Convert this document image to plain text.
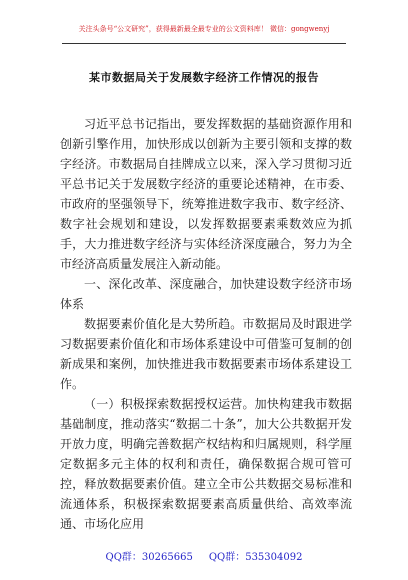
关注头条号“公文研究”，获得最新最全最专业的公文资料库！ 微信：gongwenyj
某市数据局关于发展数字经济工作情况的报告

习近平总书记指出，要发挥数据的基础资源作用和创新引擎作用，加快形成以创新为主要引领和支撑的数字经济。市数据局自挂牌成立以来，深入学习贯彻习近平总书记关于发展数字经济的重要论述精神，在市委、市政府的坚强领导下，统筹推进数字我市、数字经济、数字社会规划和建设，以发挥数据要素乘数效应为抓手，大力推进数字经济与实体经济深度融合，努力为全市经济高质量发展注入新动能。

一、深化改革、深度融合，加快建设数字经济市场体系

数据要素价值化是大势所趋。市数据局及时跟进学习数据要素价值化和市场体系建设中可借鉴可复制的创新成果和案例，加快推进我市数据要素市场体系建设工作。

（一）积极探索数据授权运营。加快构建我市数据基础制度，推动落实“数据二十条”，加大公共数据开发开放力度，明确完善数据产权结构和归属规则，科学厘定数据多元主体的权利和责任，确保数据合规可管可控，释放数据要素价值。建立全市公共数据交易标准和流通体系，积极探索数据要素高质量供给、高效率流通、市场化应用

QQ群：30265665 QQ群：535304092
